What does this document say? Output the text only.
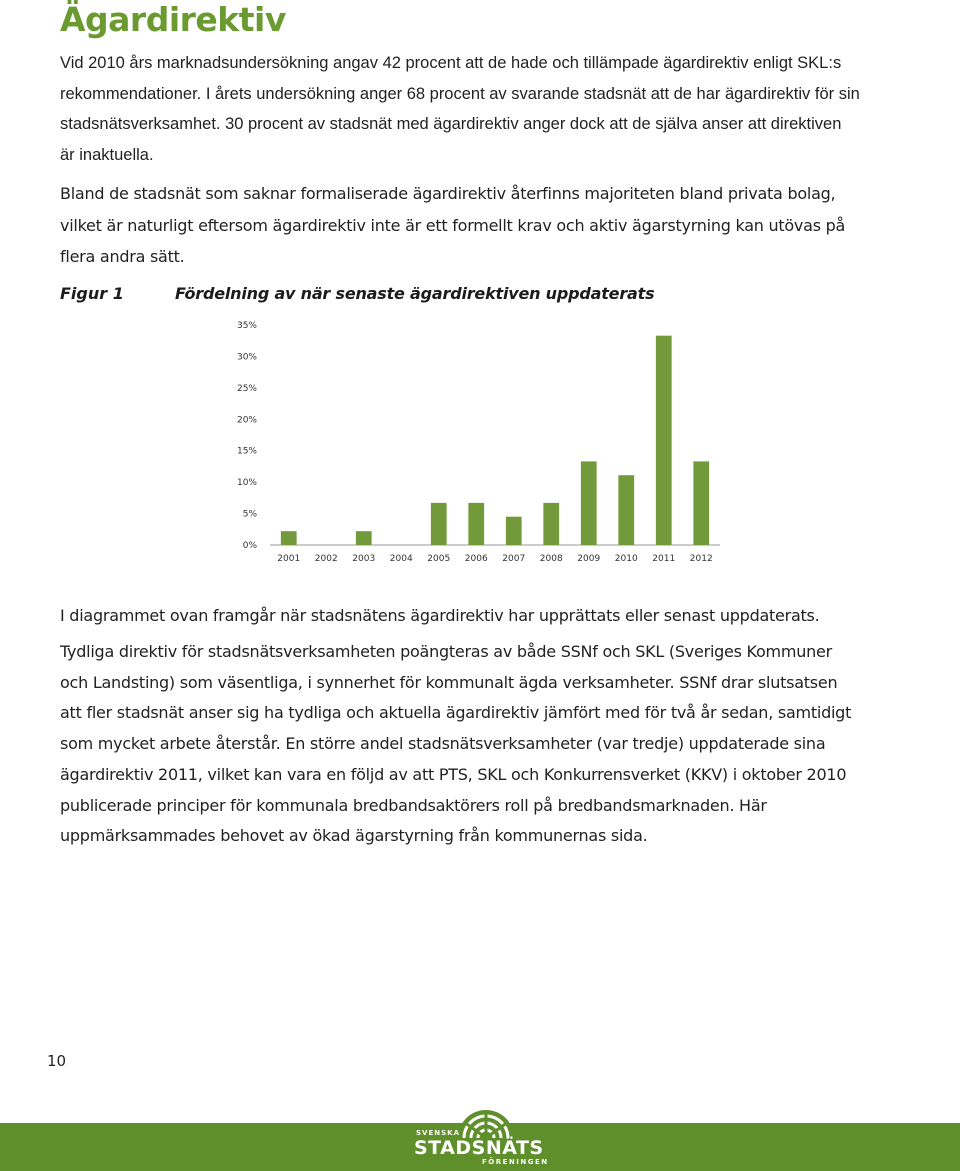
Ägardirektiv

Vid 2010 års marknadsundersökning angav 42 procent att de hade och tillämpade ägardirektiv enligt SKL:s rekommendationer. I årets undersökning anger 68 procent av svarande stadsnät att de har ägardirektiv för sin stadsnätsverksamhet. 30 procent av stadsnät med ägardirektiv anger dock att de själva anser att direktiven är inaktuella.

Bland de stadsnät som saknar formaliserade ägardirektiv återfinns majoriteten bland privata bolag, vilket är naturligt eftersom ägardirektiv inte är ett formellt krav och aktiv ägarstyrning kan utövas på flera andra sätt.

Figur 1	Fördelning av när senaste ägardirektiven uppdaterats
0%
5%
10%
15%
20%
25%
30%
35%
2001 2002 2003 2004 2005 2006 2007 2008 2009 2010 2011 2012

I diagrammet ovan framgår när stadsnätens ägardirektiv har upprättats eller senast uppdaterats.

Tydliga direktiv för stadsnätsverksamheten poängteras av både SSNf och SKL (Sveriges Kommuner och Landsting) som väsentliga, i synnerhet för kommunalt ägda verksamheter. SSNf drar slutsatsen att fler stadsnät anser sig ha tydliga och aktuella ägardirektiv jämfört med för två år sedan, samtidigt som mycket arbete återstår. En större andel stadsnätsverksamheter (var tredje) uppdaterade sina ägardirektiv 2011, vilket kan vara en följd av att PTS, SKL och Konkurrensverket (KKV) i oktober 2010 publicerade principer för kommunala bredbandsaktörers roll på bredbandsmarknaden. Här uppmärksammades behovet av ökad ägarstyrning från kommunernas sida.

10
SVENSKA
STADSNÄTS
FÖRENINGEN
